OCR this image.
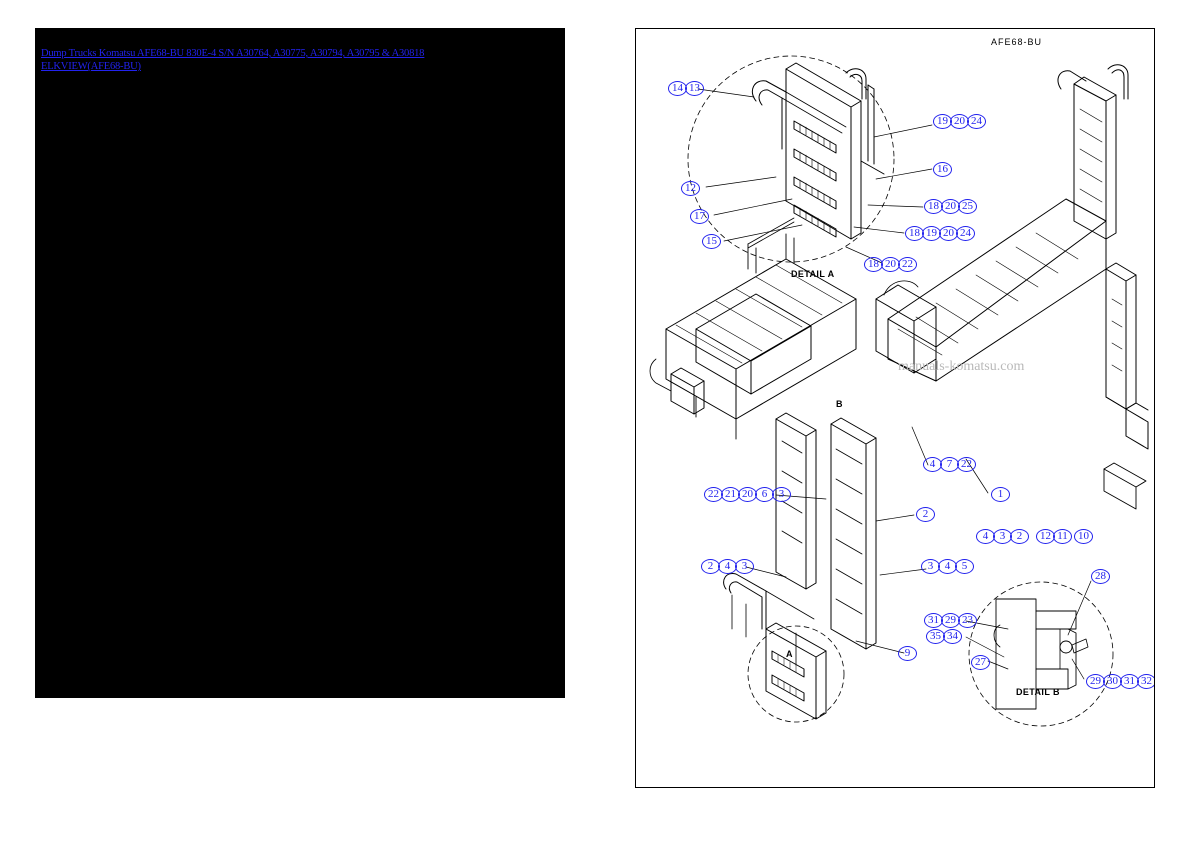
Dump Trucks Komatsu AFE68-BU 830E-4 S/N A30764, A30775, A30794, A30795 & A30818
ELKVIEW(AFE68-BU)
AFE68-BU
manuals-komatsu.com
DETAIL A
DETAIL B
A
B
14 13
19 20 24
16
12
18 20 25
17
18 19 20 24
15
18 20 22
4 7 22
22 21 20 6 3	1
2
4 3 2	12 11 10
2 4 3	3 4 5
28
31 29 23
35 34
9
27
29 30 31 32
